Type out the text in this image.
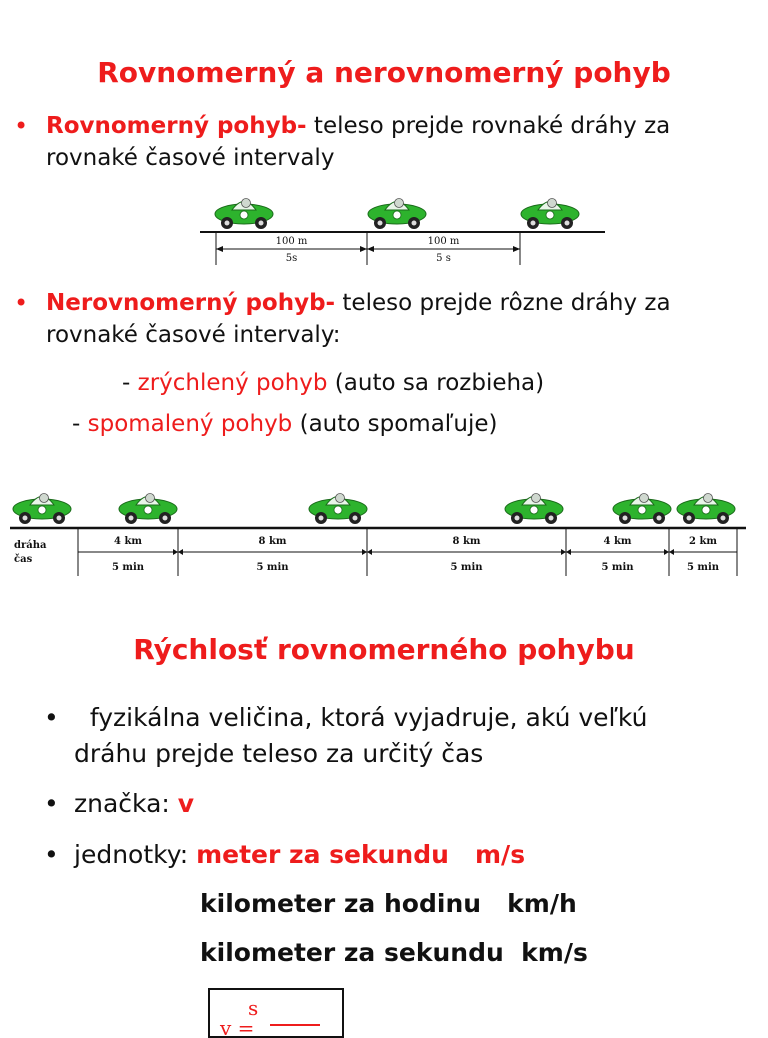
Rovnomerný a nerovnomerný pohyb
• Rovnomerný pohyb- teleso prejde rovnaké dráhy za
rovnaké časové intervaly
100 m
5s
100 m
5 s
• Nerovnomerný pohyb- teleso prejde rôzne dráhy za
rovnaké časové intervaly:
- zrýchlený pohyb (auto sa rozbieha)
- spomalený pohyb (auto spomaľuje)
dráha
čas
4 km
5 min
8 km
5 min
8 km
5 min
4 km
5 min
2 km
5 min
Rýchlosť rovnomerného pohybu
• fyzikálna veličina, ktorá vyjadruje, akú veľkú
dráhu prejde teleso za určitý čas
• značka: v
• jednotky: meter za sekundu   m/s
kilometer za hodinu   km/h
kilometer za sekundu  km/s
s
v =
